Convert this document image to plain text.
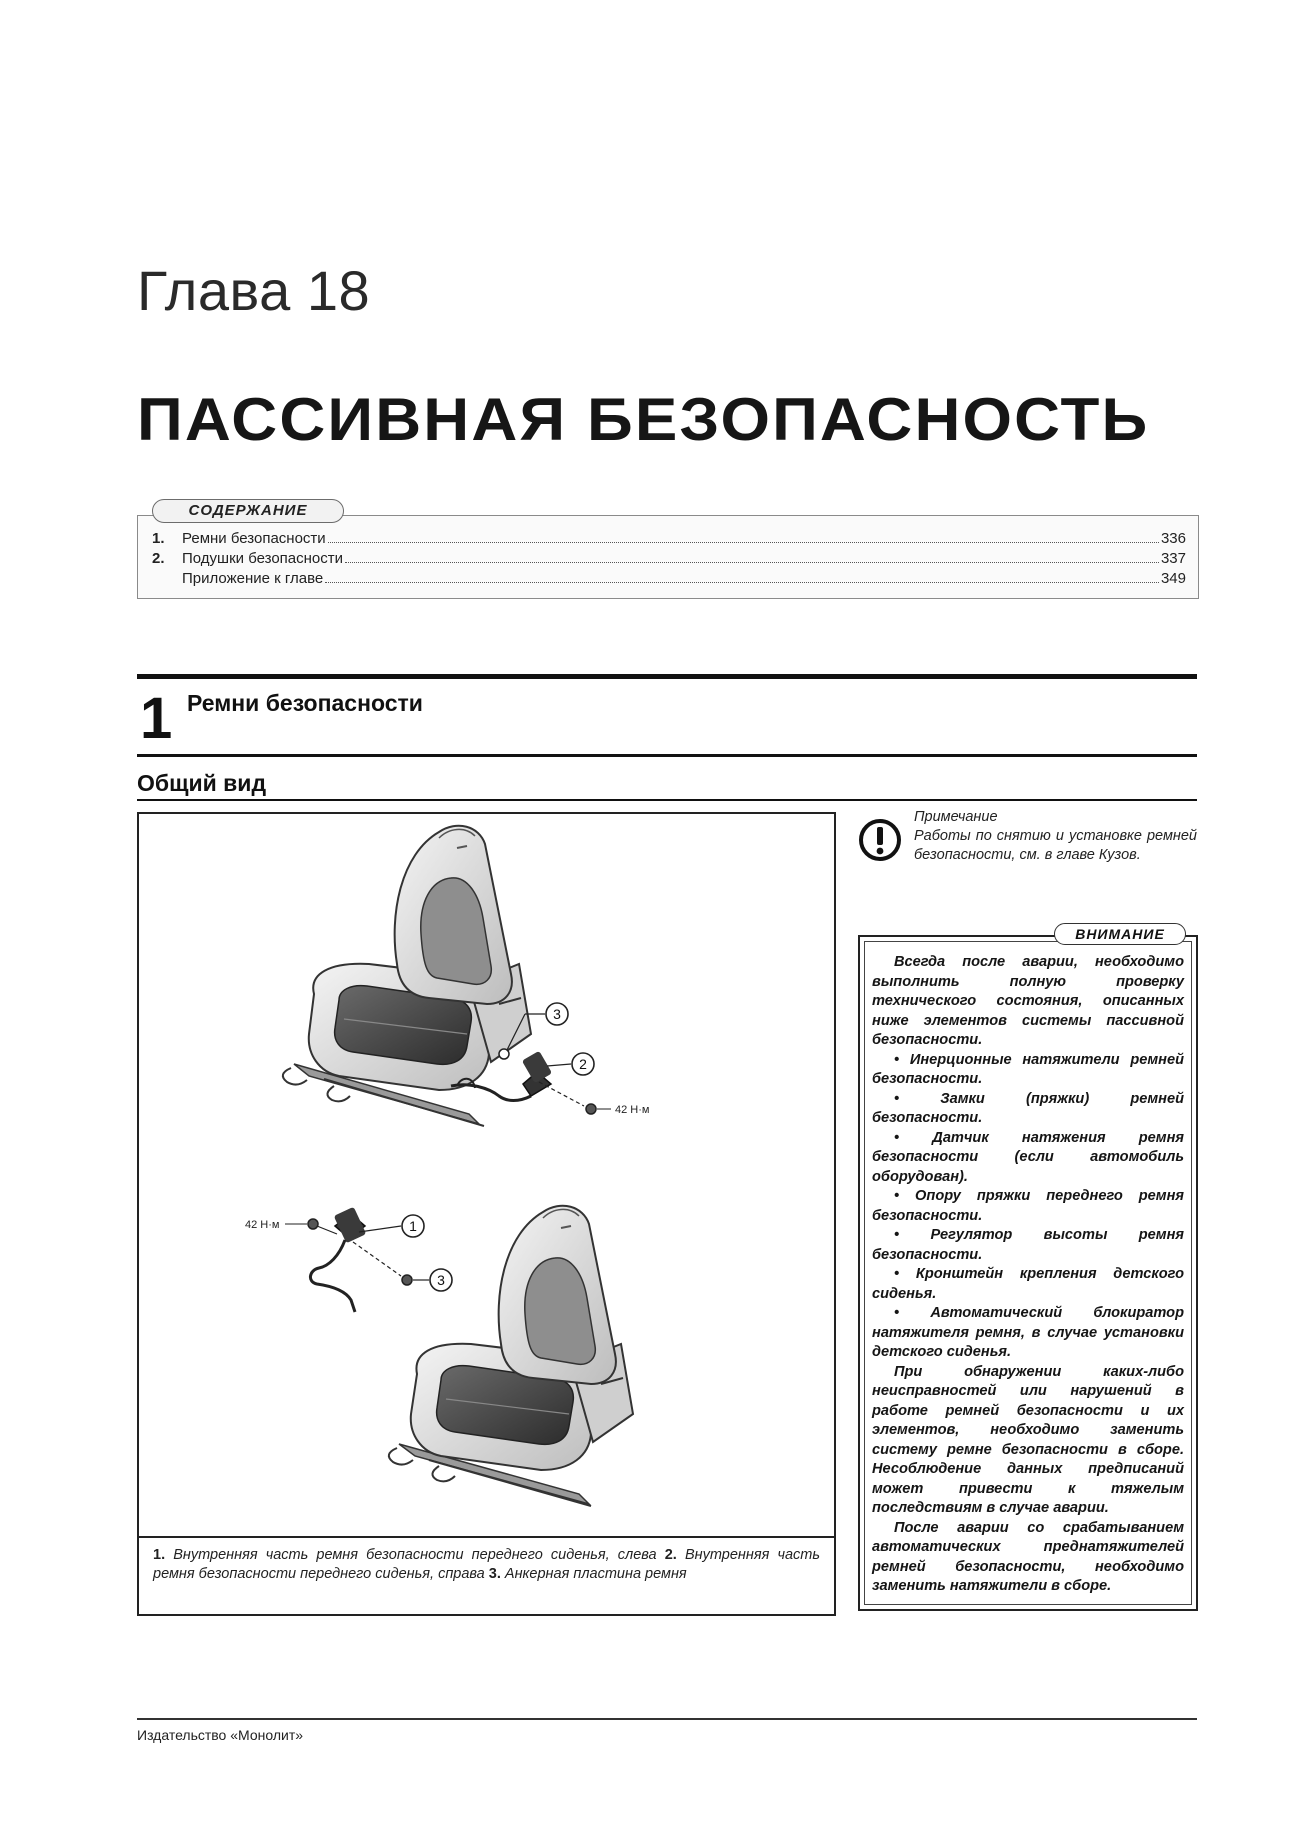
Глава 18
ПАССИВНАЯ БЕЗОПАСНОСТЬ
СОДЕРЖАНИЕ
1.	Ремни безопасности	336
2.	Подушки безопасности	337
Приложение к главе	349
1 Ремни безопасности
Общий вид
3
2
42 Н·м
1
3
42 Н·м
1. Внутренняя часть ремня безопасности переднего сиденья, слева 2. Внутренняя часть ремня безопасности переднего сиденья, справа 3. Анкерная пластина ремня
Примечание
Работы по снятию и установке ремней безопасности, см. в главе Кузов.
ВНИМАНИЕ

Всегда после аварии, необходимо выполнить полную проверку технического состояния, описанных ниже элементов системы пассивной безопасности.

• Инерционные натяжители ремней безопасности.

• Замки (пряжки) ремней безопасности.

• Датчик натяжения ремня безопасности (если автомобиль оборудован).

• Опору пряжки переднего ремня безопасности.

• Регулятор высоты ремня безопасности.

• Кронштейн крепления детского сиденья.

• Автоматический блокиратор натяжителя ремня, в случае установки детского сиденья.

При обнаружении каких-либо неисправностей или нарушений в работе ремней безопасности и их элементов, необходимо заменить систему ремне безопасности в сборе. Несоблюдение данных предписаний может привести к тяжелым последствиям в случае аварии.

После аварии со срабатыванием автоматических преднатяжителей ремней безопасности, необходимо заменить натяжители в сборе.

Издательство «Монолит»
